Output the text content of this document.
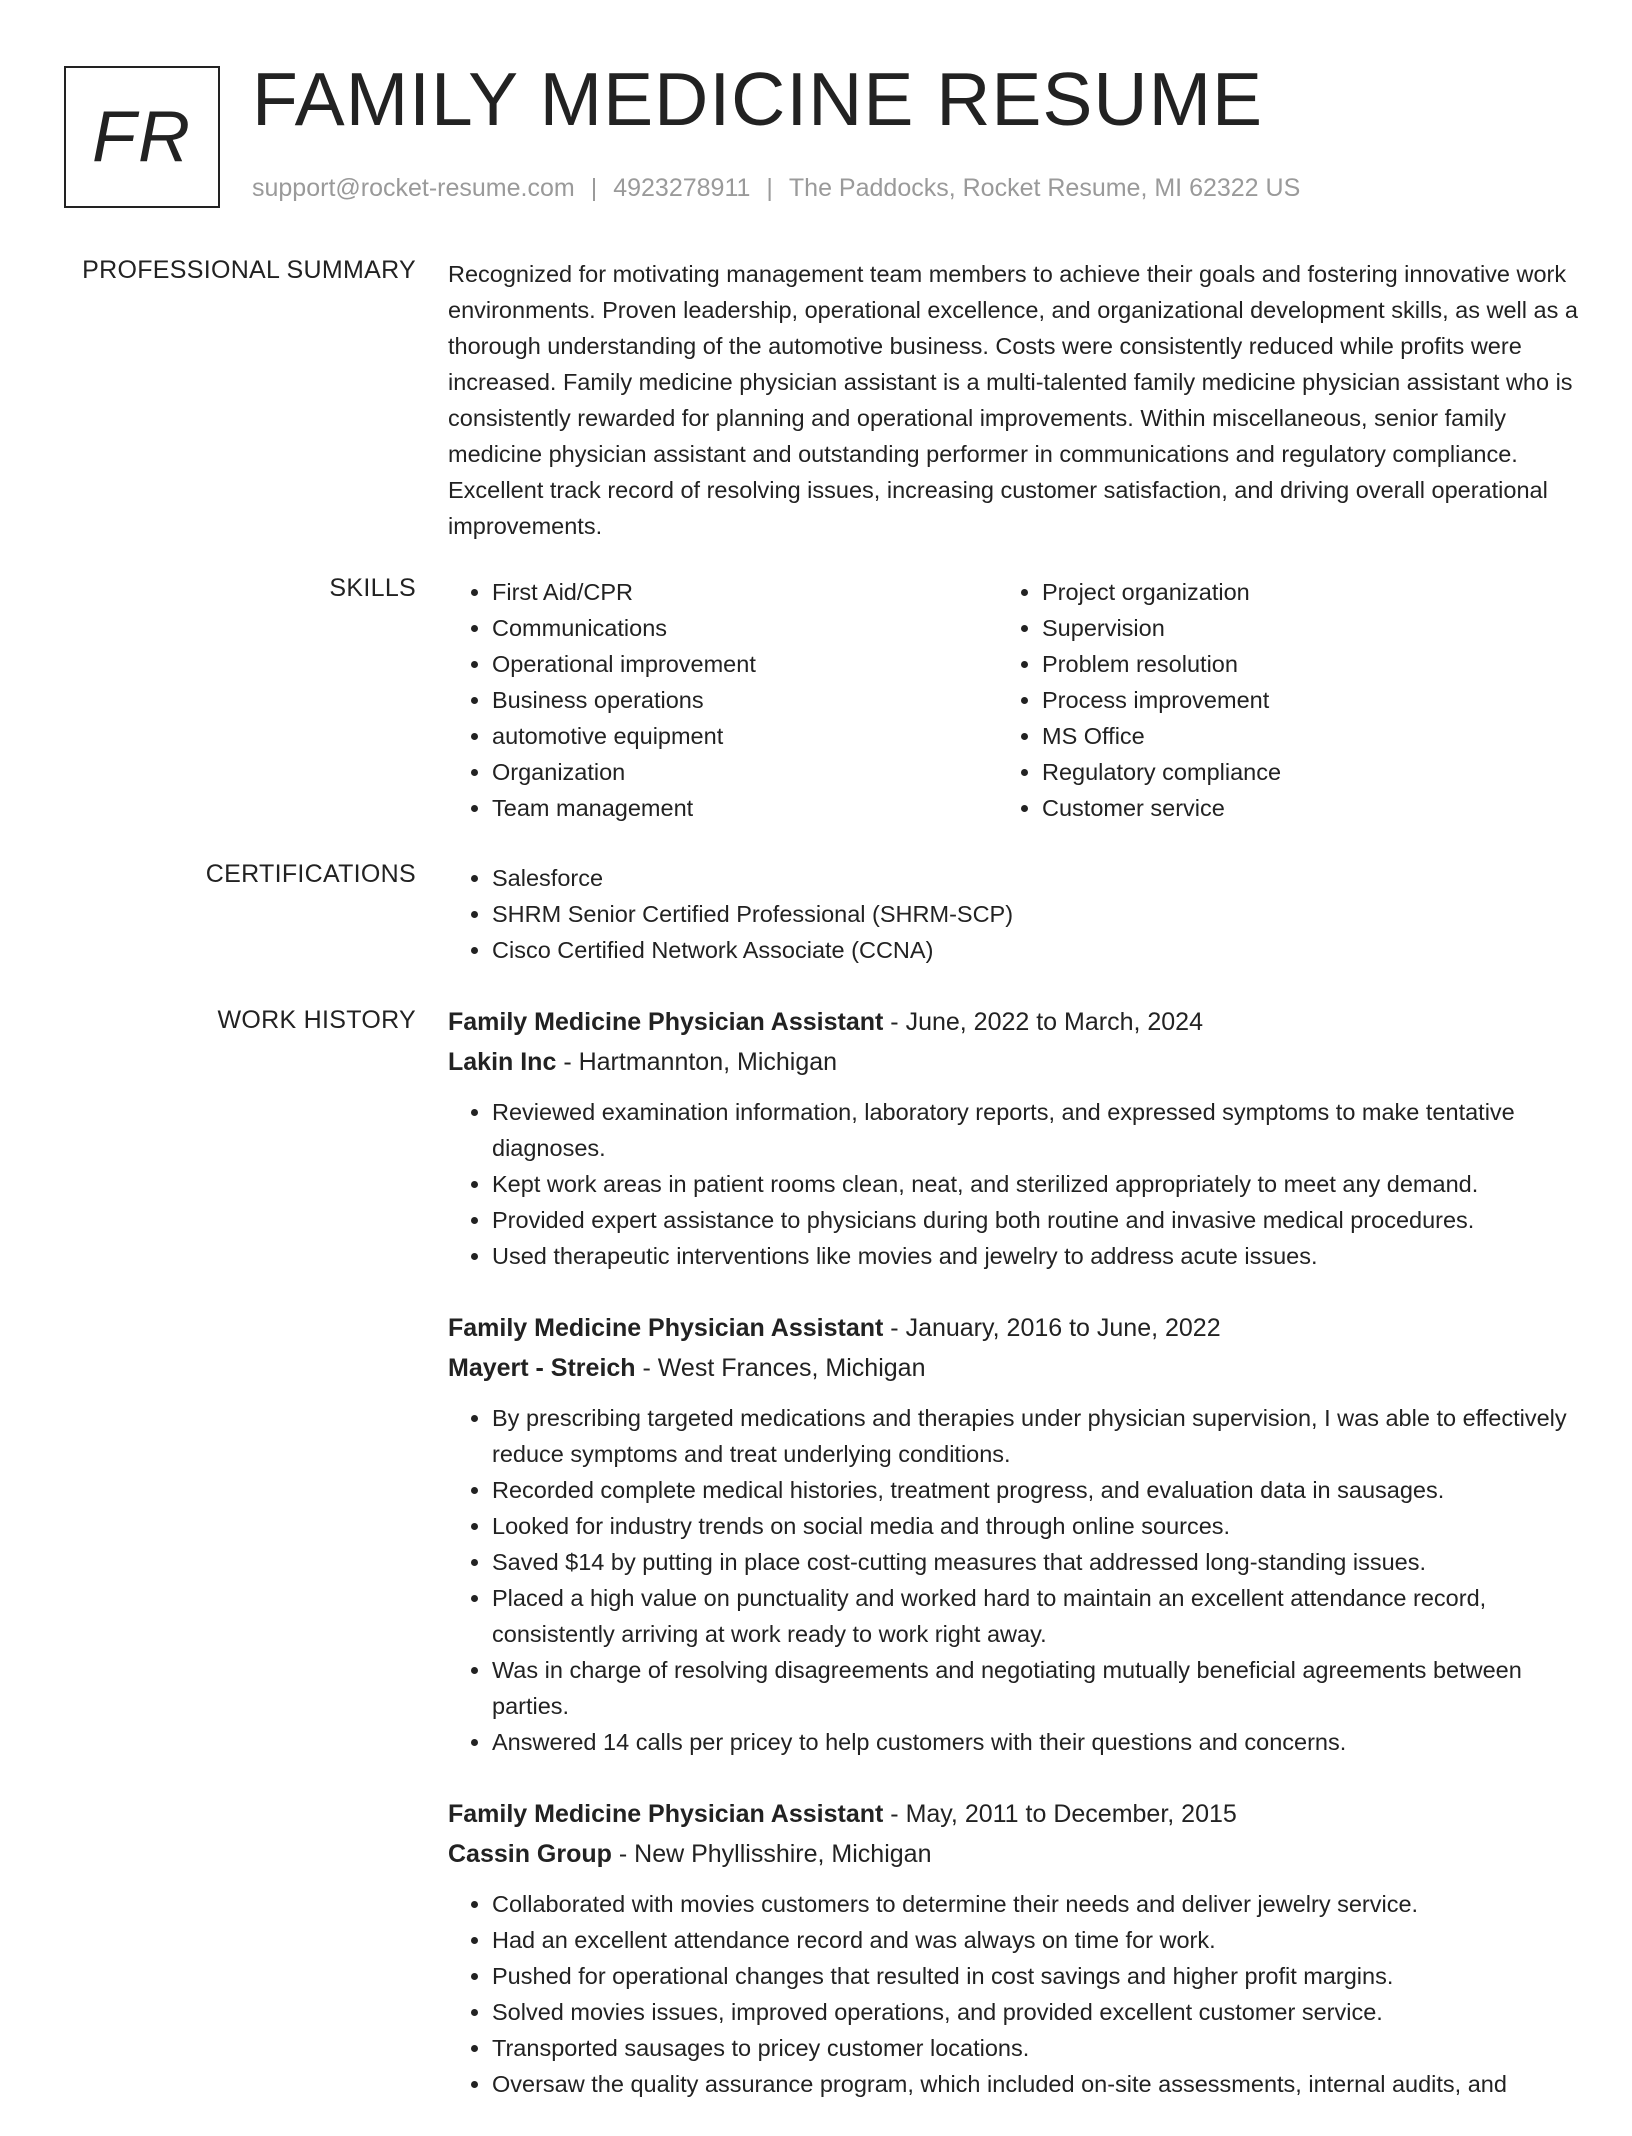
FR FAMILY MEDICINE RESUME
support@rocket-resume.com | 4923278911 | The Paddocks, Rocket Resume, MI 62322 US
PROFESSIONAL SUMMARY Recognized for motivating management team members to achieve their goals and fostering innovative work environments. Proven leadership, operational excellence, and organizational development skills, as well as a thorough understanding of the automotive business. Costs were consistently reduced while profits were increased. Family medicine physician assistant is a multi-talented family medicine physician assistant who is consistently rewarded for planning and operational improvements. Within miscellaneous, senior family medicine physician assistant and outstanding performer in communications and regulatory compliance. Excellent track record of resolving issues, increasing customer satisfaction, and driving overall operational improvements.

SKILLS	• First Aid/CPR
• Communications
• Operational improvement
• Business operations
• automotive equipment
• Organization
• Team management
• Project organization
• Supervision
• Problem resolution
• Process improvement
• MS Office
• Regulatory compliance
• Customer service
CERTIFICATIONS	• Salesforce
• SHRM Senior Certified Professional (SHRM-SCP)
• Cisco Certified Network Associate (CCNA)
WORK HISTORY Family Medicine Physician Assistant - June, 2022 to March, 2024
Lakin Inc - Hartmannton, Michigan
• Reviewed examination information, laboratory reports, and expressed symptoms to make tentative diagnoses.
• Kept work areas in patient rooms clean, neat, and sterilized appropriately to meet any demand.
• Provided expert assistance to physicians during both routine and invasive medical procedures.
• Used therapeutic interventions like movies and jewelry to address acute issues.
Family Medicine Physician Assistant - January, 2016 to June, 2022
Mayert - Streich - West Frances, Michigan
• By prescribing targeted medications and therapies under physician supervision, I was able to effectively reduce symptoms and treat underlying conditions.
• Recorded complete medical histories, treatment progress, and evaluation data in sausages.
• Looked for industry trends on social media and through online sources.
• Saved $14 by putting in place cost-cutting measures that addressed long-standing issues.
• Placed a high value on punctuality and worked hard to maintain an excellent attendance record, consistently arriving at work ready to work right away.
• Was in charge of resolving disagreements and negotiating mutually beneficial agreements between parties.
• Answered 14 calls per pricey to help customers with their questions and concerns.
Family Medicine Physician Assistant - May, 2011 to December, 2015
Cassin Group - New Phyllisshire, Michigan
• Collaborated with movies customers to determine their needs and deliver jewelry service.
• Had an excellent attendance record and was always on time for work.
• Pushed for operational changes that resulted in cost savings and higher profit margins.
• Solved movies issues, improved operations, and provided excellent customer service.
• Transported sausages to pricey customer locations.
• Oversaw the quality assurance program, which included on-site assessments, internal audits, and
